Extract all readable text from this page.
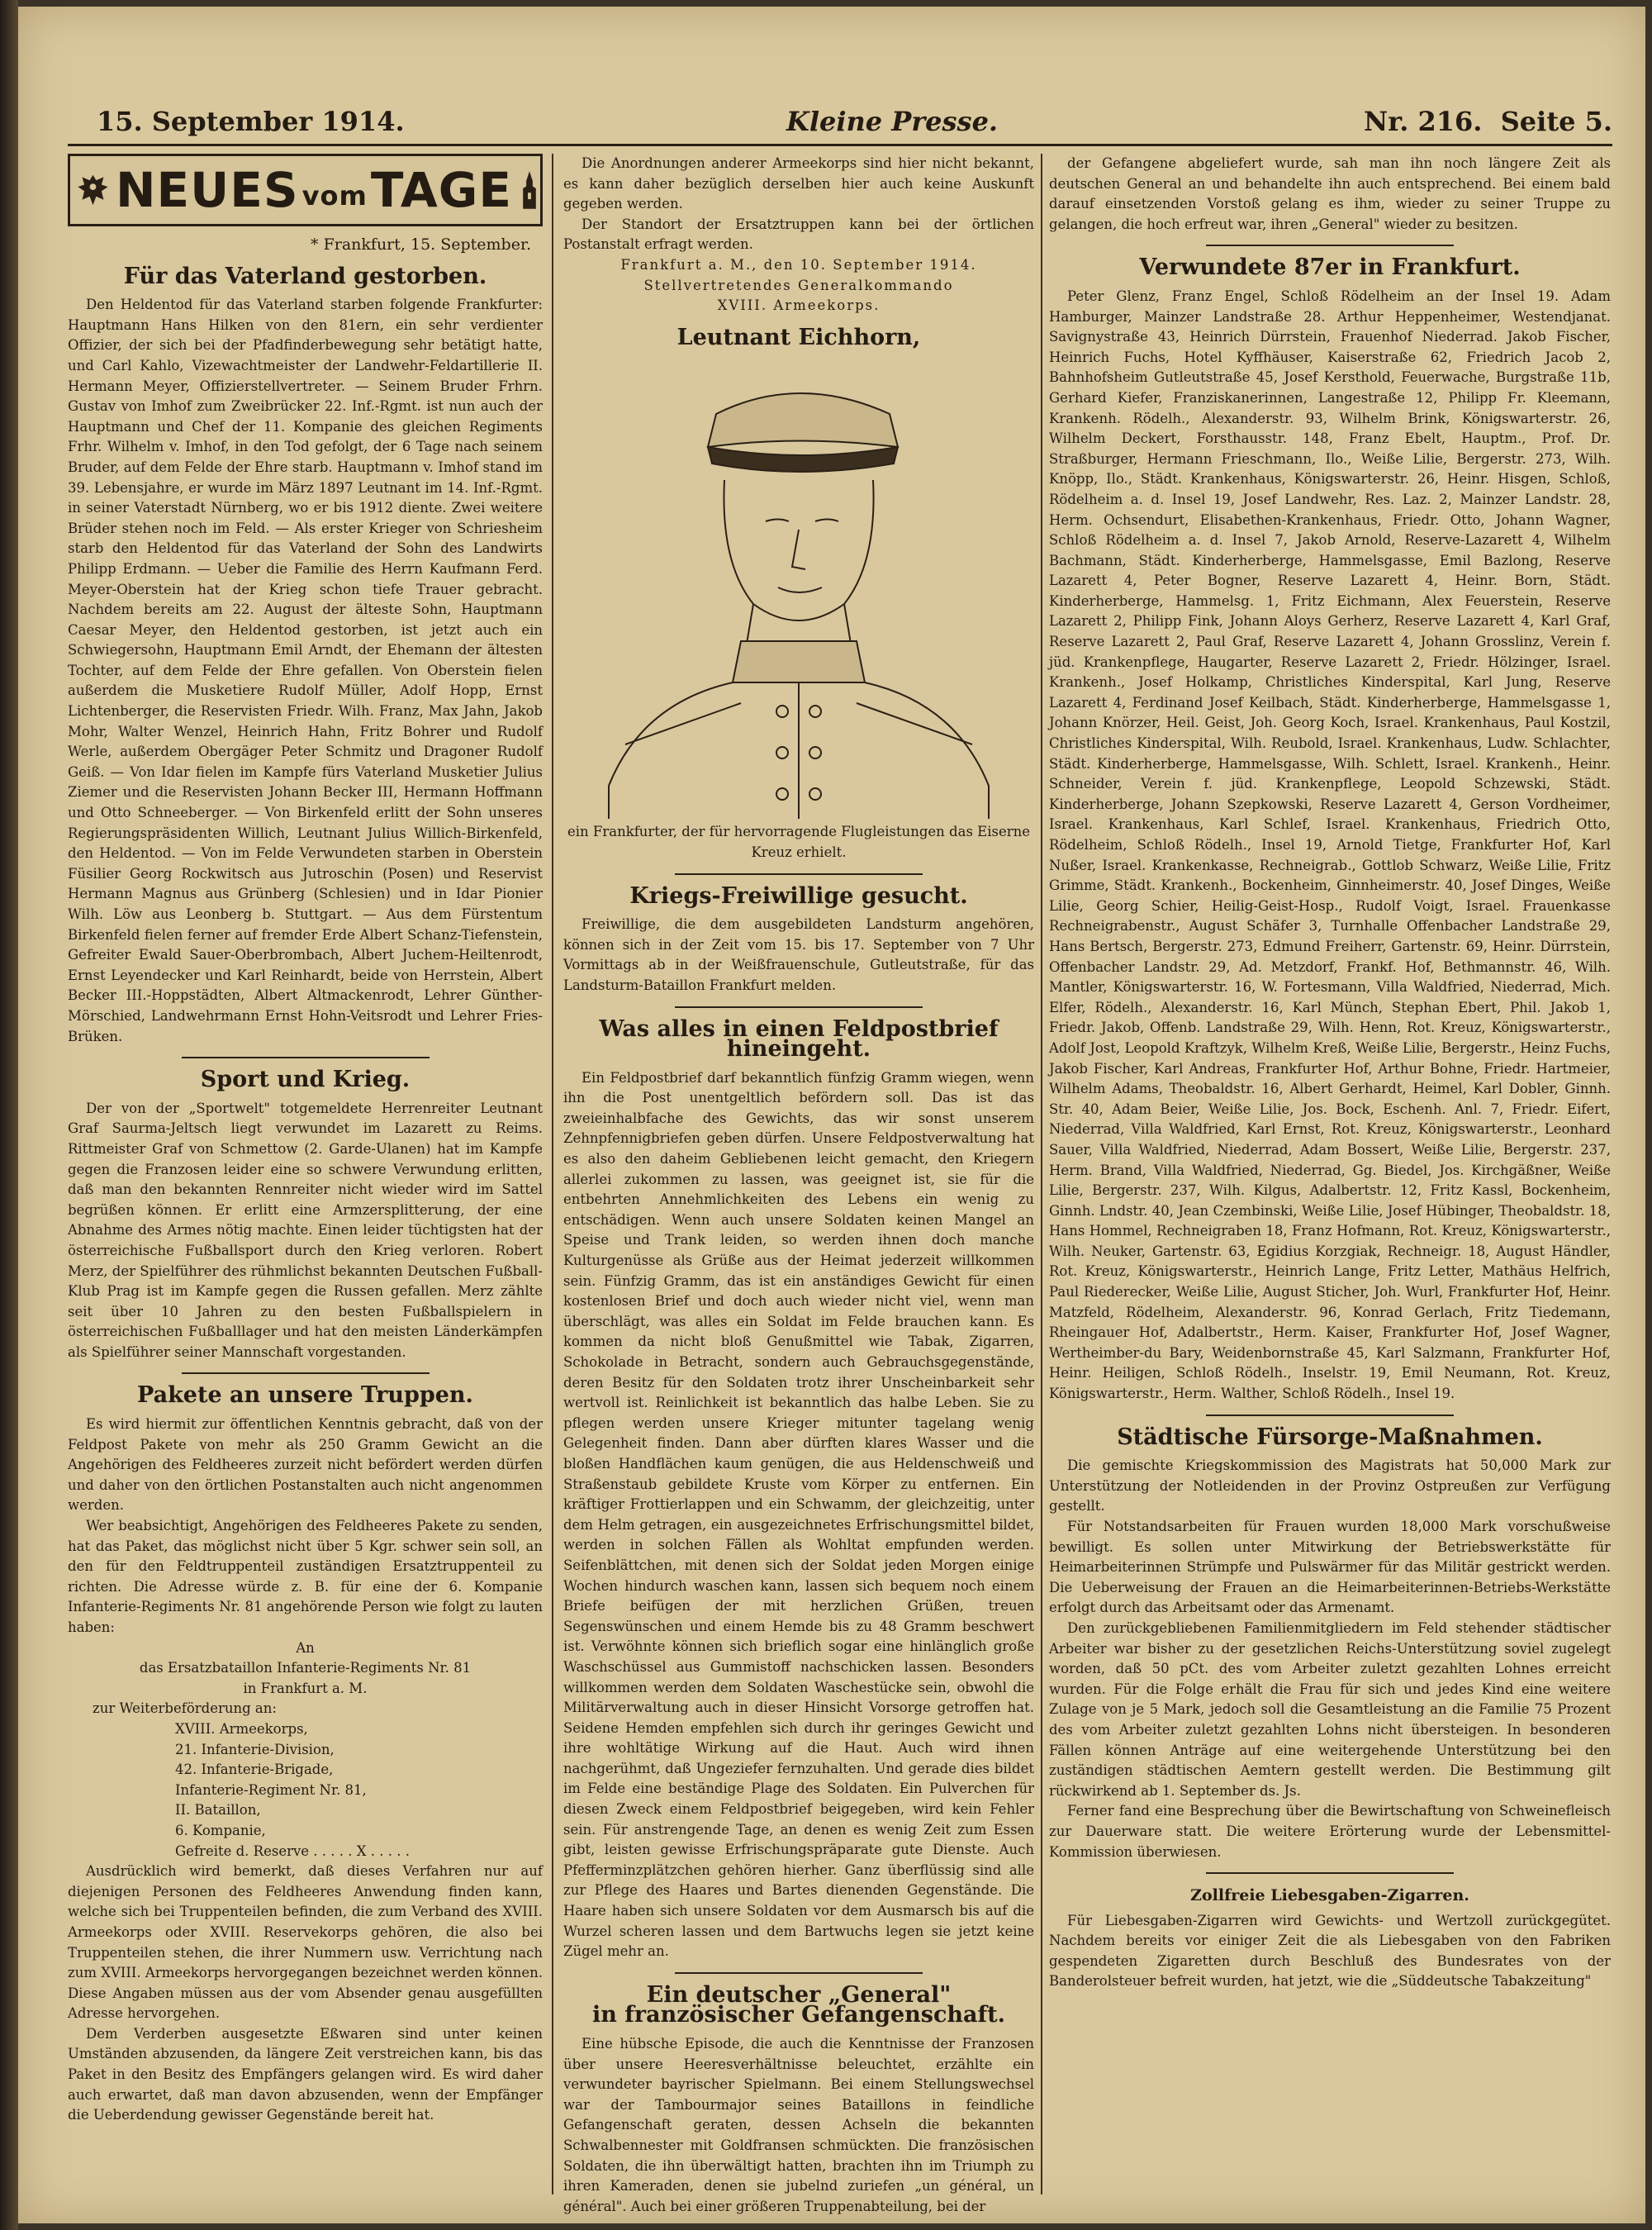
15. September 1914.	Kleine Presse.	Nr. 216. Seite 5.
NEUES vom TAGE
* Frankfurt, 15. September.
Für das Vaterland gestorben.

Den Heldentod für das Vaterland starben folgende Frankfurter: Hauptmann Hans Hilken von den 81ern, ein sehr verdienter Offizier, der sich bei der Pfadfinderbewegung sehr betätigt hatte, und Carl Kahlo, Vizewachtmeister der Landwehr-Feldartillerie II. Hermann Meyer, Offizierstellvertreter. — Seinem Bruder Frhrn. Gustav von Imhof zum Zweibrücker 22. Inf.-Rgmt. ist nun auch der Hauptmann und Chef der 11. Kompanie des gleichen Regiments Frhr. Wilhelm v. Imhof, in den Tod gefolgt, der 6 Tage nach seinem Bruder, auf dem Felde der Ehre starb. Hauptmann v. Imhof stand im 39. Lebensjahre, er wurde im März 1897 Leutnant im 14. Inf.-Rgmt. in seiner Vaterstadt Nürnberg, wo er bis 1912 diente. Zwei weitere Brüder stehen noch im Feld. — Als erster Krieger von Schriesheim starb den Heldentod für das Vaterland der Sohn des Landwirts Philipp Erdmann. — Ueber die Familie des Herrn Kaufmann Ferd. Meyer-Oberstein hat der Krieg schon tiefe Trauer gebracht. Nachdem bereits am 22. August der älteste Sohn, Hauptmann Caesar Meyer, den Heldentod gestorben, ist jetzt auch ein Schwiegersohn, Hauptmann Emil Arndt, der Ehemann der ältesten Tochter, auf dem Felde der Ehre gefallen. Von Oberstein fielen außerdem die Musketiere Rudolf Müller, Adolf Hopp, Ernst Lichtenberger, die Reservisten Friedr. Wilh. Franz, Max Jahn, Jakob Mohr, Walter Wenzel, Heinrich Hahn, Fritz Bohrer und Rudolf Werle, außerdem Obergäger Peter Schmitz und Dragoner Rudolf Geiß. — Von Idar fielen im Kampfe fürs Vaterland Musketier Julius Ziemer und die Reservisten Johann Becker III, Hermann Hoffmann und Otto Schneeberger. — Von Birkenfeld erlitt der Sohn unseres Regierungspräsidenten Willich, Leutnant Julius Willich-Birkenfeld, den Heldentod. — Von im Felde Verwundeten starben in Oberstein Füsilier Georg Rockwitsch aus Jutroschin (Posen) und Reservist Hermann Magnus aus Grünberg (Schlesien) und in Idar Pionier Wilh. Löw aus Leonberg b. Stuttgart. — Aus dem Fürstentum Birkenfeld fielen ferner auf fremder Erde Albert Schanz-Tiefenstein, Gefreiter Ewald Sauer-Oberbrombach, Albert Juchem-Heiltenrodt, Ernst Leyendecker und Karl Reinhardt, beide von Herrstein, Albert Becker III.-Hoppstädten, Albert Altmackenrodt, Lehrer Günther-Mörschied, Landwehrmann Ernst Hohn-Veitsrodt und Lehrer Fries-Brüken.

Sport und Krieg.

Der von der „Sportwelt" totgemeldete Herrenreiter Leutnant Graf Saurma-Jeltsch liegt verwundet im Lazarett zu Reims. Rittmeister Graf von Schmettow (2. Garde-Ulanen) hat im Kampfe gegen die Franzosen leider eine so schwere Verwundung erlitten, daß man den bekannten Rennreiter nicht wieder wird im Sattel begrüßen können. Er erlitt eine Armzersplitterung, der eine Abnahme des Armes nötig machte. Einen leider tüchtigsten hat der österreichische Fußballsport durch den Krieg verloren. Robert Merz, der Spielführer des rühmlichst bekannten Deutschen Fußball-Klub Prag ist im Kampfe gegen die Russen gefallen. Merz zählte seit über 10 Jahren zu den besten Fußballspielern in österreichischen Fußballlager und hat den meisten Länderkämpfen als Spielführer seiner Mannschaft vorgestanden.

Pakete an unsere Truppen.

Es wird hiermit zur öffentlichen Kenntnis gebracht, daß von der Feldpost Pakete von mehr als 250 Gramm Gewicht an die Angehörigen des Feldheeres zurzeit nicht befördert werden dürfen und daher von den örtlichen Postanstalten auch nicht angenommen werden.

Wer beabsichtigt, Angehörigen des Feldheeres Pakete zu senden, hat das Paket, das möglichst nicht über 5 Kgr. schwer sein soll, an den für den Feldtruppenteil zuständigen Ersatztruppenteil zu richten. Die Adresse würde z. B. für eine der 6. Kompanie Infanterie-Regiments Nr. 81 angehörende Person wie folgt zu lauten haben:

An

das Ersatzbataillon Infanterie-Regiments Nr. 81

in Frankfurt a. M.

zur Weiterbeförderung an:

XVIII. Armeekorps,

21. Infanterie-Division,

42. Infanterie-Brigade,

Infanterie-Regiment Nr. 81,

II. Bataillon,

6. Kompanie,

Gefreite d. Reserve . . . . . X . . . . .

Ausdrücklich wird bemerkt, daß dieses Verfahren nur auf diejenigen Personen des Feldheeres Anwendung finden kann, welche sich bei Truppenteilen befinden, die zum Verband des XVIII. Armeekorps oder XVIII. Reservekorps gehören, die also bei Truppenteilen stehen, die ihrer Nummern usw. Verrichtung nach zum XVIII. Armeekorps hervorgegangen bezeichnet werden können. Diese Angaben müssen aus der vom Absender genau ausgefüllten Adresse hervorgehen.

Dem Verderben ausgesetzte Eßwaren sind unter keinen Umständen abzusenden, da längere Zeit verstreichen kann, bis das Paket in den Besitz des Empfängers gelangen wird. Es wird daher auch erwartet, daß man davon abzusenden, wenn der Empfänger die Ueberdendung gewisser Gegenstände bereit hat.

Die Anordnungen anderer Armeekorps sind hier nicht bekannt, es kann daher bezüglich derselben hier auch keine Auskunft gegeben werden.

Der Standort der Ersatztruppen kann bei der örtlichen Postanstalt erfragt werden.

Frankfurt a. M., den 10. September 1914.

Stellvertretendes Generalkommando

XVIII. Armeekorps.

Leutnant Eichhorn,

ein Frankfurter, der für hervorragende Flugleistungen das Eiserne Kreuz erhielt.

Kriegs-Freiwillige gesucht.

Freiwillige, die dem ausgebildeten Landsturm angehören, können sich in der Zeit vom 15. bis 17. September von 7 Uhr Vormittags ab in der Weißfrauenschule, Gutleutstraße, für das Landsturm-Bataillon Frankfurt melden.

Was alles in einen Feldpostbrief hineingeht.

Ein Feldpostbrief darf bekanntlich fünfzig Gramm wiegen, wenn ihn die Post unentgeltlich befördern soll. Das ist das zweieinhalbfache des Gewichts, das wir sonst unserem Zehnpfennigbriefen geben dürfen. Unsere Feldpostverwaltung hat es also den daheim Gebliebenen leicht gemacht, den Kriegern allerlei zukommen zu lassen, was geeignet ist, sie für die entbehrten Annehmlichkeiten des Lebens ein wenig zu entschädigen. Wenn auch unsere Soldaten keinen Mangel an Speise und Trank leiden, so werden ihnen doch manche Kulturgenüsse als Grüße aus der Heimat jederzeit willkommen sein. Fünfzig Gramm, das ist ein anständiges Gewicht für einen kostenlosen Brief und doch auch wieder nicht viel, wenn man überschlägt, was alles ein Soldat im Felde brauchen kann. Es kommen da nicht bloß Genußmittel wie Tabak, Zigarren, Schokolade in Betracht, sondern auch Gebrauchsgegenstände, deren Besitz für den Soldaten trotz ihrer Unscheinbarkeit sehr wertvoll ist. Reinlichkeit ist bekanntlich das halbe Leben. Sie zu pflegen werden unsere Krieger mitunter tagelang wenig Gelegenheit finden. Dann aber dürften klares Wasser und die bloßen Handflächen kaum genügen, die aus Heldenschweiß und Straßenstaub gebildete Kruste vom Körper zu entfernen. Ein kräftiger Frottierlappen und ein Schwamm, der gleichzeitig, unter dem Helm getragen, ein ausgezeichnetes Erfrischungsmittel bildet, werden in solchen Fällen als Wohltat empfunden werden. Seifenblättchen, mit denen sich der Soldat jeden Morgen einige Wochen hindurch waschen kann, lassen sich bequem noch einem Briefe beifügen der mit herzlichen Grüßen, treuen Segenswünschen und einem Hemde bis zu 48 Gramm beschwert ist. Verwöhnte können sich brieflich sogar eine hinlänglich große Waschschüssel aus Gummistoff nachschicken lassen. Besonders willkommen werden dem Soldaten Waschestücke sein, obwohl die Militärverwaltung auch in dieser Hinsicht Vorsorge getroffen hat. Seidene Hemden empfehlen sich durch ihr geringes Gewicht und ihre wohltätige Wirkung auf die Haut. Auch wird ihnen nachgerühmt, daß Ungeziefer fernzuhalten. Und gerade dies bildet im Felde eine beständige Plage des Soldaten. Ein Pulverchen für diesen Zweck einem Feldpostbrief beigegeben, wird kein Fehler sein. Für anstrengende Tage, an denen es wenig Zeit zum Essen gibt, leisten gewisse Erfrischungspräparate gute Dienste. Auch Pfefferminzplätzchen gehören hierher. Ganz überflüssig sind alle zur Pflege des Haares und Bartes dienenden Gegenstände. Die Haare haben sich unsere Soldaten vor dem Ausmarsch bis auf die Wurzel scheren lassen und dem Bartwuchs legen sie jetzt keine Zügel mehr an.

Ein deutscher „General"
in französischer Gefangenschaft.

Eine hübsche Episode, die auch die Kenntnisse der Franzosen über unsere Heeresverhältnisse beleuchtet, erzählte ein verwundeter bayrischer Spielmann. Bei einem Stellungswechsel war der Tambourmajor seines Bataillons in feindliche Gefangenschaft geraten, dessen Achseln die bekannten Schwalbennester mit Goldfransen schmückten. Die französischen Soldaten, die ihn überwältigt hatten, brachten ihn im Triumph zu ihren Kameraden, denen sie jubelnd zuriefen „un général, un général". Auch bei einer größeren Truppenabteilung, bei der

der Gefangene abgeliefert wurde, sah man ihn noch längere Zeit als deutschen General an und behandelte ihn auch entsprechend. Bei einem bald darauf einsetzenden Vorstoß gelang es ihm, wieder zu seiner Truppe zu gelangen, die hoch erfreut war, ihren „General" wieder zu besitzen.

Verwundete 87er in Frankfurt.

Peter Glenz, Franz Engel, Schloß Rödelheim an der Insel 19. Adam Hamburger, Mainzer Landstraße 28. Arthur Heppenheimer, Westendjanat. Savignystraße 43, Heinrich Dürrstein, Frauenhof Niederrad. Jakob Fischer, Heinrich Fuchs, Hotel Kyffhäuser, Kaiserstraße 62, Friedrich Jacob 2, Bahnhofsheim Gutleutstraße 45, Josef Kersthold, Feuerwache, Burgstraße 11b, Gerhard Kiefer, Franziskanerinnen, Langestraße 12, Philipp Fr. Kleemann, Krankenh. Rödelh., Alexanderstr. 93, Wilhelm Brink, Königswarterstr. 26, Wilhelm Deckert, Forsthausstr. 148, Franz Ebelt, Hauptm., Prof. Dr. Straßburger, Hermann Frieschmann, Ilo., Weiße Lilie, Bergerstr. 273, Wilh. Knöpp, Ilo., Städt. Krankenhaus, Königswarterstr. 26, Heinr. Hisgen, Schloß, Rödelheim a. d. Insel 19, Josef Landwehr, Res. Laz. 2, Mainzer Landstr. 28, Herm. Ochsendurt, Elisabethen-Krankenhaus, Friedr. Otto, Johann Wagner, Schloß Rödelheim a. d. Insel 7, Jakob Arnold, Reserve-Lazarett 4, Wilhelm Bachmann, Städt. Kinderherberge, Hammelsgasse, Emil Bazlong, Reserve Lazarett 4, Peter Bogner, Reserve Lazarett 4, Heinr. Born, Städt. Kinderherberge, Hammelsg. 1, Fritz Eichmann, Alex Feuerstein, Reserve Lazarett 2, Philipp Fink, Johann Aloys Gerherz, Reserve Lazarett 4, Karl Graf, Reserve Lazarett 2, Paul Graf, Reserve Lazarett 4, Johann Grosslinz, Verein f. jüd. Krankenpflege, Haugarter, Reserve Lazarett 2, Friedr. Hölzinger, Israel. Krankenh., Josef Holkamp, Christliches Kinderspital, Karl Jung, Reserve Lazarett 4, Ferdinand Josef Keilbach, Städt. Kinderherberge, Hammelsgasse 1, Johann Knörzer, Heil. Geist, Joh. Georg Koch, Israel. Krankenhaus, Paul Kostzil, Christliches Kinderspital, Wilh. Reubold, Israel. Krankenhaus, Ludw. Schlachter, Städt. Kinderherberge, Hammelsgasse, Wilh. Schlett, Israel. Krankenh., Heinr. Schneider, Verein f. jüd. Krankenpflege, Leopold Schzewski, Städt. Kinderherberge, Johann Szepkowski, Reserve Lazarett 4, Gerson Vordheimer, Israel. Krankenhaus, Karl Schlef, Israel. Krankenhaus, Friedrich Otto, Rödelheim, Schloß Rödelh., Insel 19, Arnold Tietge, Frankfurter Hof, Karl Nußer, Israel. Krankenkasse, Rechneigrab., Gottlob Schwarz, Weiße Lilie, Fritz Grimme, Städt. Krankenh., Bockenheim, Ginnheimerstr. 40, Josef Dinges, Weiße Lilie, Georg Schier, Heilig-Geist-Hosp., Rudolf Voigt, Israel. Frauenkasse Rechneigrabenstr., August Schäfer 3, Turnhalle Offenbacher Landstraße 29, Hans Bertsch, Bergerstr. 273, Edmund Freiherr, Gartenstr. 69, Heinr. Dürrstein, Offenbacher Landstr. 29, Ad. Metzdorf, Frankf. Hof, Bethmannstr. 46, Wilh. Mantler, Königswarterstr. 16, W. Fortesmann, Villa Waldfried, Niederrad, Mich. Elfer, Rödelh., Alexanderstr. 16, Karl Münch, Stephan Ebert, Phil. Jakob 1, Friedr. Jakob, Offenb. Landstraße 29, Wilh. Henn, Rot. Kreuz, Königswarterstr., Adolf Jost, Leopold Kraftzyk, Wilhelm Kreß, Weiße Lilie, Bergerstr., Heinz Fuchs, Jakob Fischer, Karl Andreas, Frankfurter Hof, Arthur Bohne, Friedr. Hartmeier, Wilhelm Adams, Theobaldstr. 16, Albert Gerhardt, Heimel, Karl Dobler, Ginnh. Str. 40, Adam Beier, Weiße Lilie, Jos. Bock, Eschenh. Anl. 7, Friedr. Eifert, Niederrad, Villa Waldfried, Karl Ernst, Rot. Kreuz, Königswarterstr., Leonhard Sauer, Villa Waldfried, Niederrad, Adam Bossert, Weiße Lilie, Bergerstr. 237, Herm. Brand, Villa Waldfried, Niederrad, Gg. Biedel, Jos. Kirchgäßner, Weiße Lilie, Bergerstr. 237, Wilh. Kilgus, Adalbertstr. 12, Fritz Kassl, Bockenheim, Ginnh. Lndstr. 40, Jean Czembinski, Weiße Lilie, Josef Hübinger, Theobaldstr. 18, Hans Hommel, Rechneigraben 18, Franz Hofmann, Rot. Kreuz, Königswarterstr., Wilh. Neuker, Gartenstr. 63, Egidius Korzgiak, Rechneigr. 18, August Händler, Rot. Kreuz, Königswarterstr., Heinrich Lange, Fritz Letter, Mathäus Helfrich, Paul Riederecker, Weiße Lilie, August Sticher, Joh. Wurl, Frankfurter Hof, Heinr. Matzfeld, Rödelheim, Alexanderstr. 96, Konrad Gerlach, Fritz Tiedemann, Rheingauer Hof, Adalbertstr., Herm. Kaiser, Frankfurter Hof, Josef Wagner, Wertheimber-du Bary, Weidenbornstraße 45, Karl Salzmann, Frankfurter Hof, Heinr. Heiligen, Schloß Rödelh., Inselstr. 19, Emil Neumann, Rot. Kreuz, Königswarterstr., Herm. Walther, Schloß Rödelh., Insel 19.

Städtische Fürsorge-Maßnahmen.

Die gemischte Kriegskommission des Magistrats hat 50,000 Mark zur Unterstützung der Notleidenden in der Provinz Ostpreußen zur Verfügung gestellt.

Für Notstandsarbeiten für Frauen wurden 18,000 Mark vorschußweise bewilligt. Es sollen unter Mitwirkung der Betriebswerkstätte für Heimarbeiterinnen Strümpfe und Pulswärmer für das Militär gestrickt werden. Die Ueberweisung der Frauen an die Heimarbeiterinnen-Betriebs-Werkstätte erfolgt durch das Arbeitsamt oder das Armenamt.

Den zurückgebliebenen Familienmitgliedern im Feld stehender städtischer Arbeiter war bisher zu der gesetzlichen Reichs-Unterstützung soviel zugelegt worden, daß 50 pCt. des vom Arbeiter zuletzt gezahlten Lohnes erreicht wurden. Für die Folge erhält die Frau für sich und jedes Kind eine weitere Zulage von je 5 Mark, jedoch soll die Gesamtleistung an die Familie 75 Prozent des vom Arbeiter zuletzt gezahlten Lohns nicht übersteigen. In besonderen Fällen können Anträge auf eine weitergehende Unterstützung bei den zuständigen städtischen Aemtern gestellt werden. Die Bestimmung gilt rückwirkend ab 1. September ds. Js.

Ferner fand eine Besprechung über die Bewirtschaftung von Schweinefleisch zur Dauerware statt. Die weitere Erörterung wurde der Lebensmittel-Kommission überwiesen.

Zollfreie Liebesgaben-Zigarren.

Für Liebesgaben-Zigarren wird Gewichts- und Wertzoll zurückgegütet. Nachdem bereits vor einiger Zeit die als Liebesgaben von den Fabriken gespendeten Zigaretten durch Beschluß des Bundesrates von der Banderolsteuer befreit wurden, hat jetzt, wie die „Süddeutsche Tabakzeitung"
